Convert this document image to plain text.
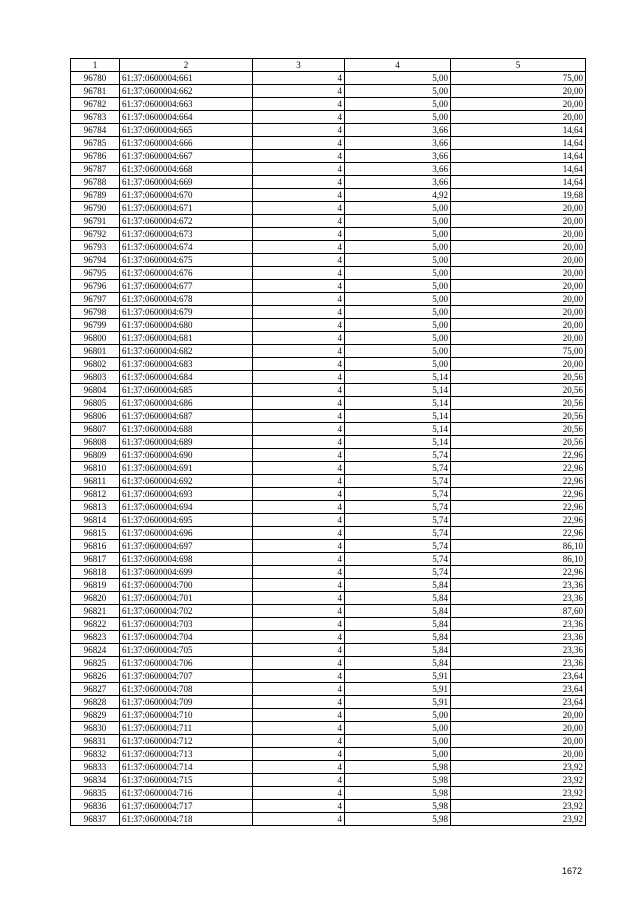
1	2	3	4	5
96780	61:37:0600004:661	4	5,00	75,00
96781	61:37:0600004:662	4	5,00	20,00
96782	61:37:0600004:663	4	5,00	20,00
96783	61:37:0600004:664	4	5,00	20,00
96784	61:37:0600004:665	4	3,66	14,64
96785	61:37:0600004:666	4	3,66	14,64
96786	61:37:0600004:667	4	3,66	14,64
96787	61:37:0600004:668	4	3,66	14,64
96788	61:37:0600004:669	4	3,66	14,64
96789	61:37:0600004:670	4	4,92	19,68
96790	61:37:0600004:671	4	5,00	20,00
96791	61:37:0600004:672	4	5,00	20,00
96792	61:37:0600004:673	4	5,00	20,00
96793	61:37:0600004:674	4	5,00	20,00
96794	61:37:0600004:675	4	5,00	20,00
96795	61:37:0600004:676	4	5,00	20,00
96796	61:37:0600004:677	4	5,00	20,00
96797	61:37:0600004:678	4	5,00	20,00
96798	61:37:0600004:679	4	5,00	20,00
96799	61:37:0600004:680	4	5,00	20,00
96800	61:37:0600004:681	4	5,00	20,00
96801	61:37:0600004:682	4	5,00	75,00
96802	61:37:0600004:683	4	5,00	20,00
96803	61:37:0600004:684	4	5,14	20,56
96804	61:37:0600004:685	4	5,14	20,56
96805	61:37:0600004:686	4	5,14	20,56
96806	61:37:0600004:687	4	5,14	20,56
96807	61:37:0600004:688	4	5,14	20,56
96808	61:37:0600004:689	4	5,14	20,56
96809	61:37:0600004:690	4	5,74	22,96
96810	61:37:0600004:691	4	5,74	22,96
96811	61:37:0600004:692	4	5,74	22,96
96812	61:37:0600004:693	4	5,74	22,96
96813	61:37:0600004:694	4	5,74	22,96
96814	61:37:0600004:695	4	5,74	22,96
96815	61:37:0600004:696	4	5,74	22,96
96816	61:37:0600004:697	4	5,74	86,10
96817	61:37:0600004:698	4	5,74	86,10
96818	61:37:0600004:699	4	5,74	22,96
96819	61:37:0600004:700	4	5,84	23,36
96820	61:37:0600004:701	4	5,84	23,36
96821	61:37:0600004:702	4	5,84	87,60
96822	61:37:0600004:703	4	5,84	23,36
96823	61:37:0600004:704	4	5,84	23,36
96824	61:37:0600004:705	4	5,84	23,36
96825	61:37:0600004:706	4	5,84	23,36
96826	61:37:0600004:707	4	5,91	23,64
96827	61:37:0600004:708	4	5,91	23,64
96828	61:37:0600004:709	4	5,91	23,64
96829	61:37:0600004:710	4	5,00	20,00
96830	61:37:0600004:711	4	5,00	20,00
96831	61:37:0600004:712	4	5,00	20,00
96832	61:37:0600004:713	4	5,00	20,00
96833	61:37:0600004:714	4	5,98	23,92
96834	61:37:0600004:715	4	5,98	23,92
96835	61:37:0600004:716	4	5,98	23,92
96836	61:37:0600004:717	4	5,98	23,92
96837	61:37:0600004:718	4	5,98	23,92
1672
